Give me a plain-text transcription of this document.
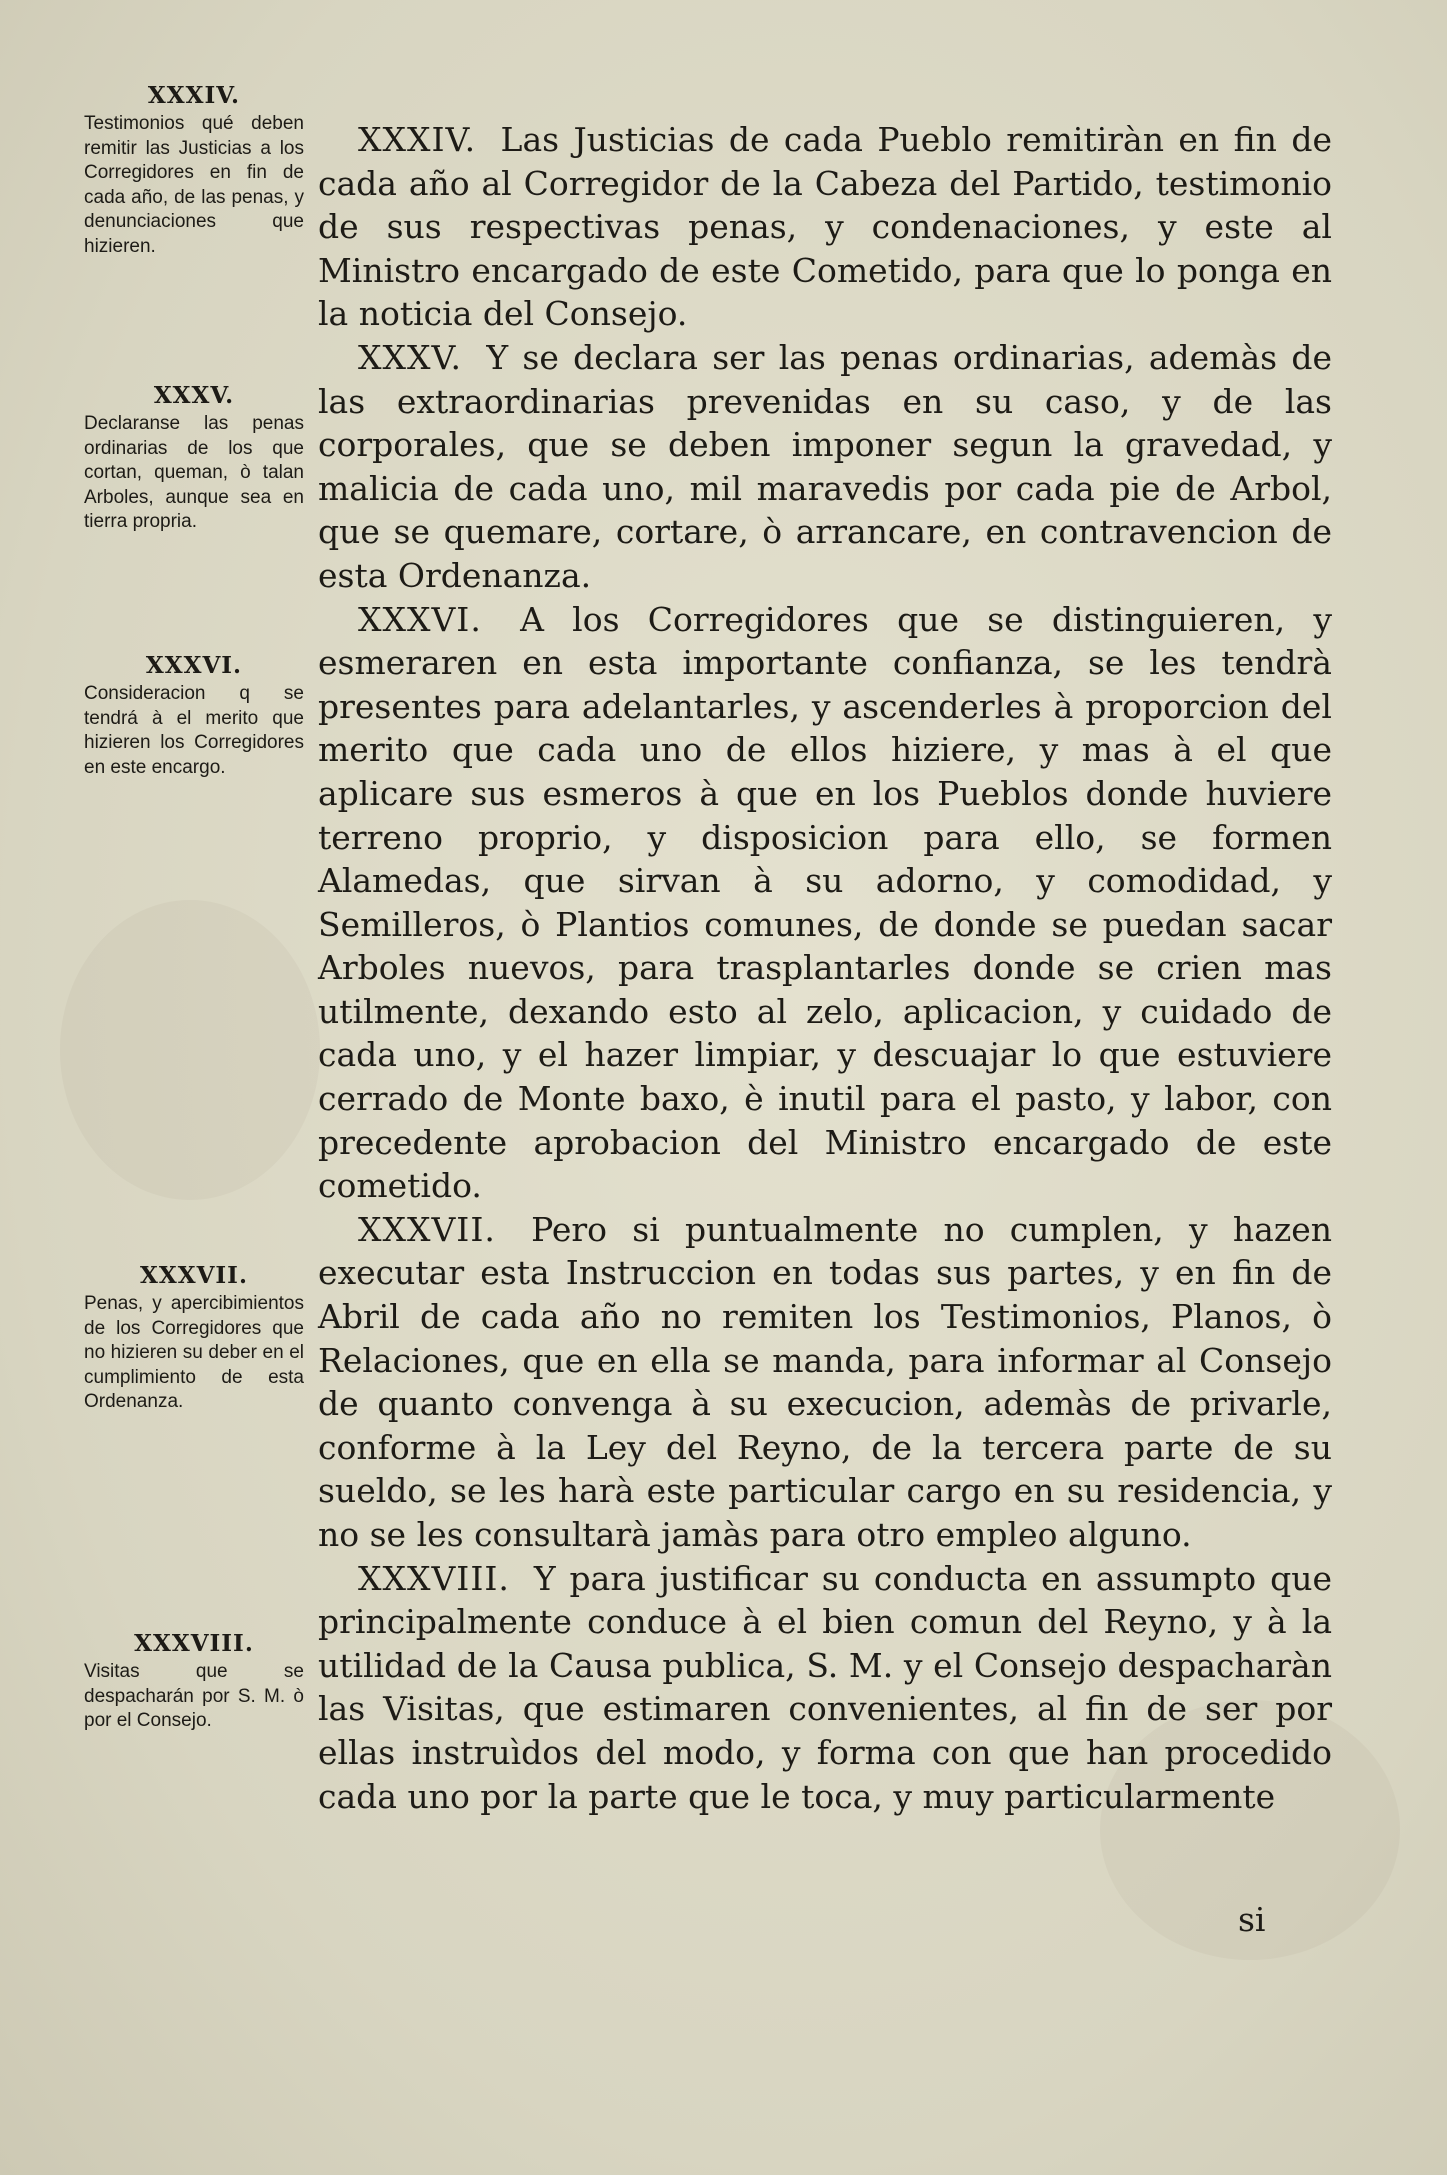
XXXIV.
Testimonios qué deben remitir las Justicias a los Corregidores en fin de cada año, de las penas, y denunciaciones que hizieren.
XXXV.
Declaranse las penas ordinarias de los que cortan, queman, ò talan Arboles, aunque sea en tierra propria.
XXXVI.
Consideracion q se tendrá à el merito que hizieren los Corregidores en este encargo.
XXXVII.
Penas, y apercibimientos de los Corregidores que no hizieren su deber en el cumplimiento de esta Ordenanza.
XXXVIII.
Visitas que se despacharán por S. M. ò por el Consejo.

XXXIV. Las Justicias de cada Pueblo remitiràn en fin de cada año al Corregidor de la Cabeza del Partido, testimonio de sus respectivas penas, y condenaciones, y este al Ministro encargado de este Cometido, para que lo ponga en la noticia del Consejo.

XXXV. Y se declara ser las penas ordinarias, ademàs de las extraordinarias prevenidas en su caso, y de las corporales, que se deben imponer segun la gravedad, y malicia de cada uno, mil maravedis por cada pie de Arbol, que se quemare, cortare, ò arrancare, en contravencion de esta Ordenanza.

XXXVI. A los Corregidores que se distinguieren, y esmeraren en esta importante confianza, se les tendrà presentes para adelantarles, y ascenderles à proporcion del merito que cada uno de ellos hiziere, y mas à el que aplicare sus esmeros à que en los Pueblos donde huviere terreno proprio, y disposicion para ello, se formen Alamedas, que sirvan à su adorno, y comodidad, y Semilleros, ò Plantios comunes, de donde se puedan sacar Arboles nuevos, para trasplantarles donde se crien mas utilmente, dexando esto al zelo, aplicacion, y cuidado de cada uno, y el hazer limpiar, y descuajar lo que estuviere cerrado de Monte baxo, è inutil para el pasto, y labor, con precedente aprobacion del Ministro encargado de este cometido.

XXXVII. Pero si puntualmente no cumplen, y hazen executar esta Instruccion en todas sus partes, y en fin de Abril de cada año no remiten los Testimonios, Planos, ò Relaciones, que en ella se manda, para informar al Consejo de quanto convenga à su execucion, ademàs de privarle, conforme à la Ley del Reyno, de la tercera parte de su sueldo, se les harà este particular cargo en su residencia, y no se les consultarà jamàs para otro empleo alguno.

XXXVIII. Y para justificar su conducta en assumpto que principalmente conduce à el bien comun del Reyno, y à la utilidad de la Causa publica, S. M. y el Consejo despacharàn las Visitas, que estimaren convenientes, al fin de ser por ellas instruìdos del modo, y forma con que han procedido cada uno por la parte que le toca, y muy particularmente

si
